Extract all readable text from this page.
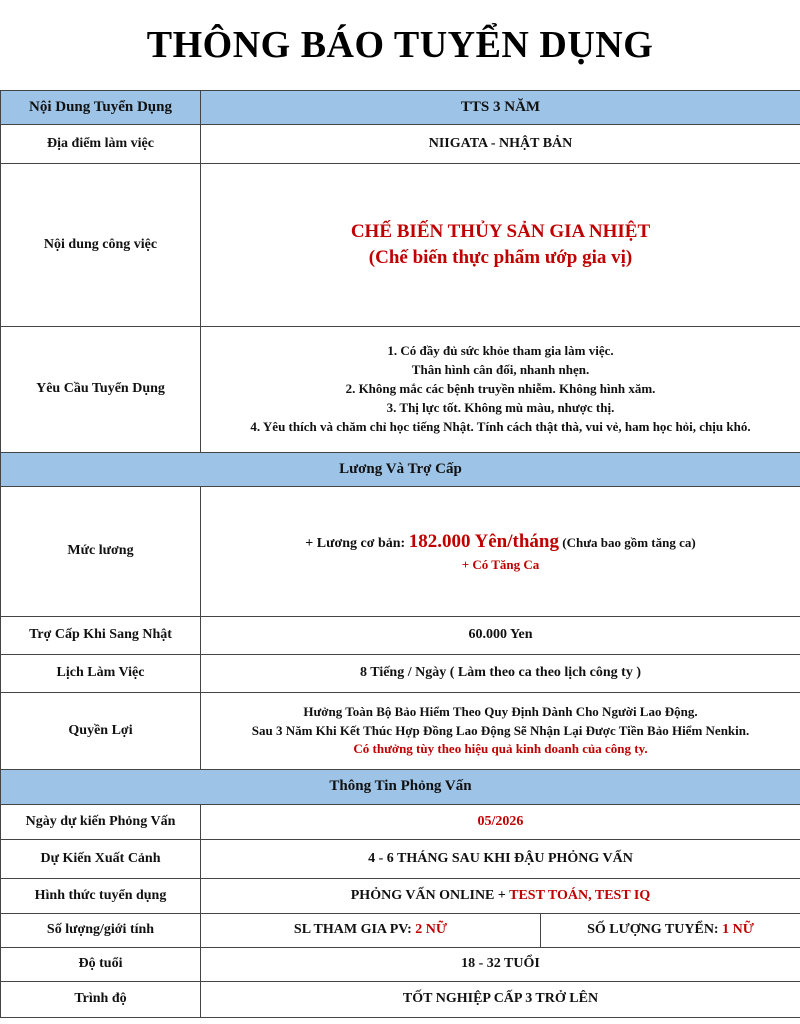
THÔNG BÁO TUYỂN DỤNG
Nội Dung Tuyển Dụng	TTS 3 NĂM	
Địa điểm làm việc	NIIGATA - NHẬT BẢN	
Nội dung công việc	CHẾ BIẾN THỦY SẢN GIA NHIỆT
(Chế biến thực phẩm ướp gia vị)	

Yêu Cầu Tuyển Dụng	1. Có đầy đủ sức khỏe tham gia làm việc.
Thân hình cân đối, nhanh nhẹn.
2. Không mắc các bệnh truyền nhiễm. Không hình xăm.
3. Thị lực tốt. Không mù màu, nhược thị.
4. Yêu thích và chăm chỉ học tiếng Nhật. Tính cách thật thà, vui vẻ, ham học hỏi, chịu khó.	

Lương Và Trợ Cấp		
Mức lương	+ Lương cơ bản: 182.000 Yên/tháng (Chưa bao gồm tăng ca)
+ Có Tăng Ca	

Trợ Cấp Khi Sang Nhật	60.000 Yen	
Lịch Làm Việc	8 Tiếng / Ngày ( Làm theo ca theo lịch công ty )	
Quyền Lợi	Hưởng Toàn Bộ Bảo Hiểm Theo Quy Định Dành Cho Người Lao Động.
Sau 3 Năm Khi Kết Thúc Hợp Đồng Lao Động Sẽ Nhận Lại Được Tiền Bảo Hiểm Nenkin.
Có thưởng tùy theo hiệu quả kinh doanh của công ty.	

Thông Tin Phỏng Vấn		
Ngày dự kiến Phỏng Vấn	05/2026	
Dự Kiến Xuất Cảnh	4 - 6 THÁNG SAU KHI ĐẬU PHỎNG VẤN	
Hình thức tuyển dụng	PHỎNG VẤN ONLINE + TEST TOÁN, TEST IQ	
Số lượng/giới tính	SL THAM GIA PV: 2 NỮ	SỐ LƯỢNG TUYỂN: 1 NỮ
Độ tuổi	18 - 32 TUỔI	
Trình độ	TỐT NGHIỆP CẤP 3 TRỞ LÊN	
